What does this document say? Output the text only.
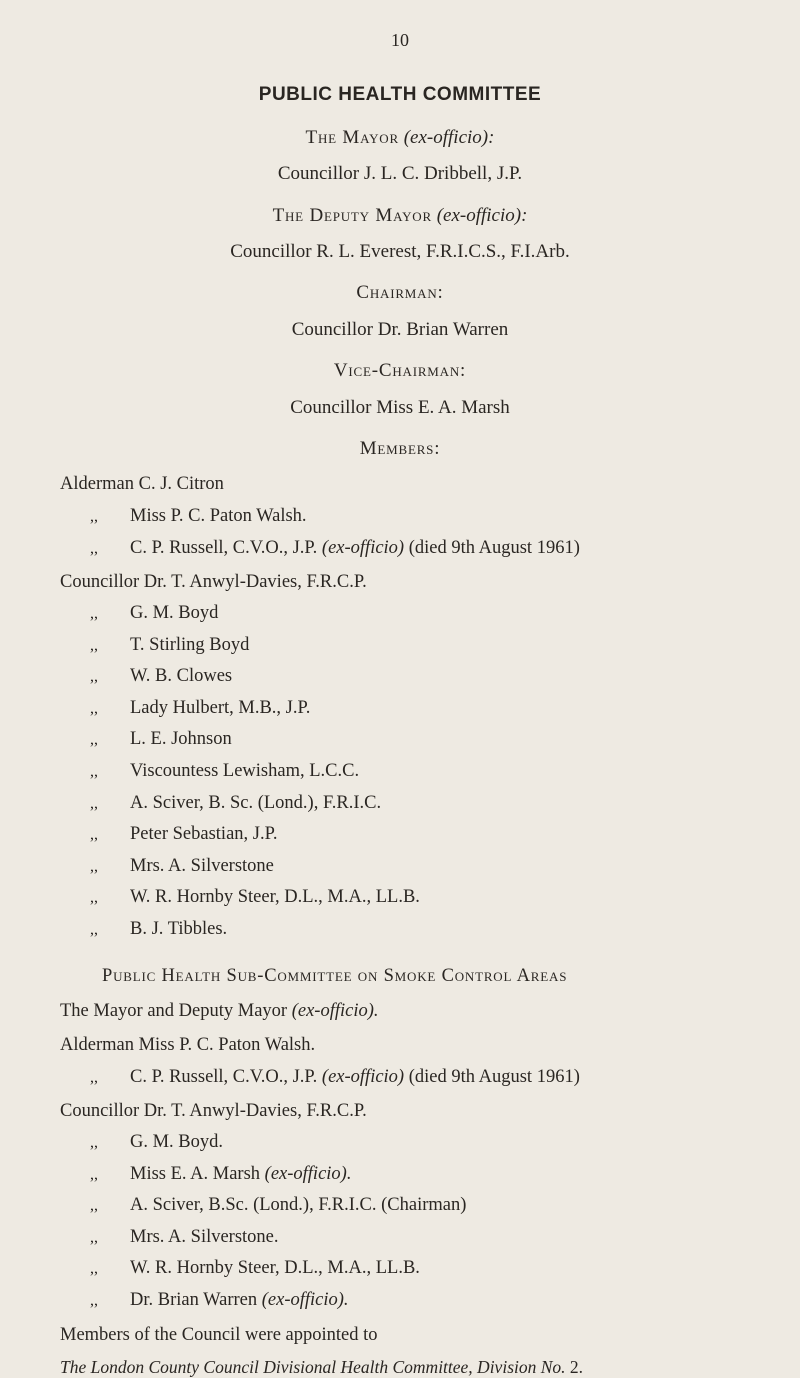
10
PUBLIC HEALTH COMMITTEE
The Mayor (ex-officio):
Councillor J. L. C. Dribbell, J.P.
The Deputy Mayor (ex-officio):
Councillor R. L. Everest, F.R.I.C.S., F.I.Arb.
Chairman:
Councillor Dr. Brian Warren
Vice-Chairman:
Councillor Miss E. A. Marsh
Members:
Alderman C. J. Citron
,, Miss P. C. Paton Walsh.
,, C. P. Russell, C.V.O., J.P. (ex-officio) (died 9th August 1961)
Councillor Dr. T. Anwyl-Davies, F.R.C.P.
,, G. M. Boyd
,, T. Stirling Boyd
,, W. B. Clowes
,, Lady Hulbert, M.B., J.P.
,, L. E. Johnson
,, Viscountess Lewisham, L.C.C.
,, A. Sciver, B. Sc. (Lond.), F.R.I.C.
,, Peter Sebastian, J.P.
,, Mrs. A. Silverstone
,, W. R. Hornby Steer, D.L., M.A., LL.B.
,, B. J. Tibbles.
Public Health Sub-Committee on Smoke Control Areas
The Mayor and Deputy Mayor (ex-officio).
Alderman Miss P. C. Paton Walsh.
,, C. P. Russell, C.V.O., J.P. (ex-officio) (died 9th August 1961)
Councillor Dr. T. Anwyl-Davies, F.R.C.P.
,, G. M. Boyd.
,, Miss E. A. Marsh (ex-officio).
,, A. Sciver, B.Sc. (Lond.), F.R.I.C. (Chairman)
,, Mrs. A. Silverstone.
,, W. R. Hornby Steer, D.L., M.A., LL.B.
,, Dr. Brian Warren (ex-officio).
Members of the Council were appointed to
The London County Council Divisional Health Committee, Division No. 2.
